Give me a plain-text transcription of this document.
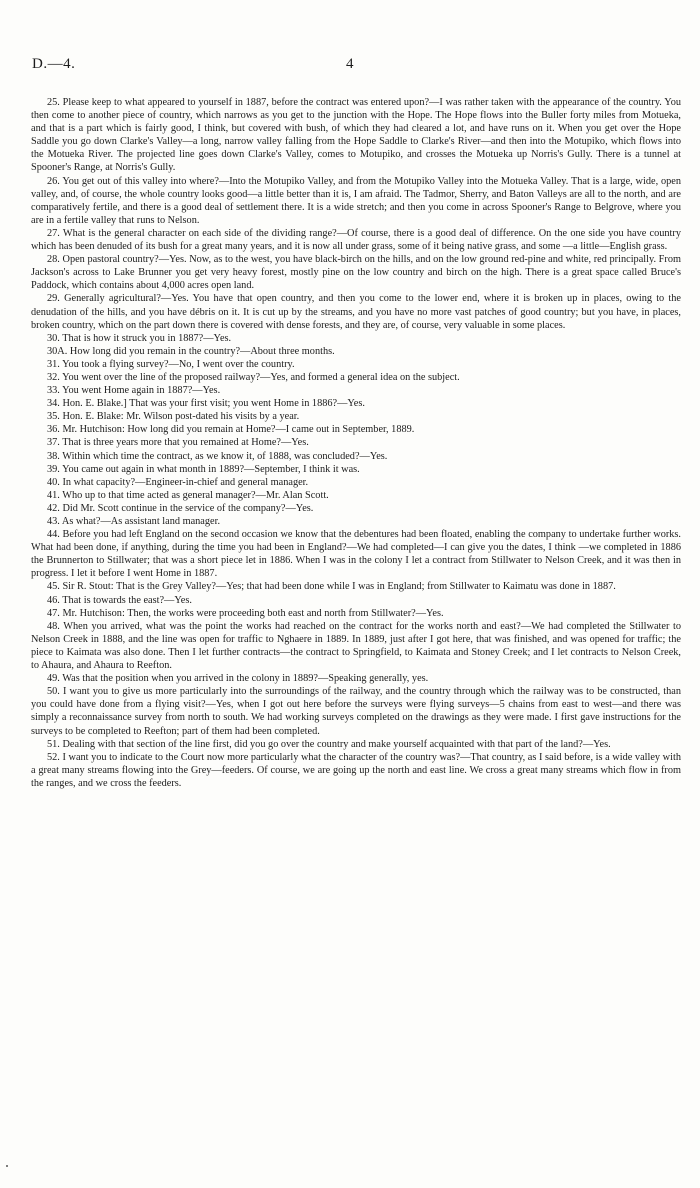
D.—4.	4

25. Please keep to what appeared to yourself in 1887, before the contract was entered upon?—I was rather taken with the appearance of the country. You then come to another piece of country, which narrows as you get to the junction with the Hope. The Hope flows into the Buller forty miles from Motueka, and that is a part which is fairly good, I think, but covered with bush, of which they had cleared a lot, and have runs on it. When you get over the Hope Saddle you go down Clarke's Valley—a long, narrow valley falling from the Hope Saddle to Clarke's River—and then into the Motupiko, which flows into the Motueka River. The projected line goes down Clarke's Valley, comes to Motupiko, and crosses the Motueka up Norris's Gully. There is a tunnel at Spooner's Range, at Norris's Gully.

26. You get out of this valley into where?—Into the Motupiko Valley, and from the Motupiko Valley into the Motueka Valley. That is a large, wide, open valley, and, of course, the whole country looks good—a little better than it is, I am afraid. The Tadmor, Sherry, and Baton Valleys are all to the north, and are comparatively fertile, and there is a good deal of settlement there. It is a wide stretch; and then you come in across Spooner's Range to Belgrove, where you are in a fertile valley that runs to Nelson.

27. What is the general character on each side of the dividing range?—Of course, there is a good deal of difference. On the one side you have country which has been denuded of its bush for a great many years, and it is now all under grass, some of it being native grass, and some —a little—English grass.

28. Open pastoral country?—Yes. Now, as to the west, you have black-birch on the hills, and on the low ground red-pine and white, red principally. From Jackson's across to Lake Brunner you get very heavy forest, mostly pine on the low country and birch on the high. There is a great space called Bruce's Paddock, which contains about 4,000 acres open land.

29. Generally agricultural?—Yes. You have that open country, and then you come to the lower end, where it is broken up in places, owing to the denudation of the hills, and you have débris on it. It is cut up by the streams, and you have no more vast patches of good country; but you have, in places, broken country, which on the part down there is covered with dense forests, and they are, of course, very valuable in some places.

30. That is how it struck you in 1887?—Yes.

30A. How long did you remain in the country?—About three months.

31. You took a flying survey?—No, I went over the country.

32. You went over the line of the proposed railway?—Yes, and formed a general idea on the subject.

33. You went Home again in 1887?—Yes.

34. Hon. E. Blake.] That was your first visit; you went Home in 1886?—Yes.

35. Hon. E. Blake: Mr. Wilson post-dated his visits by a year.

36. Mr. Hutchison: How long did you remain at Home?—I came out in September, 1889.

37. That is three years more that you remained at Home?—Yes.

38. Within which time the contract, as we know it, of 1888, was concluded?—Yes.

39. You came out again in what month in 1889?—September, I think it was.

40. In what capacity?—Engineer-in-chief and general manager.

41. Who up to that time acted as general manager?—Mr. Alan Scott.

42. Did Mr. Scott continue in the service of the company?—Yes.

43. As what?—As assistant land manager.

44. Before you had left England on the second occasion we know that the debentures had been floated, enabling the company to undertake further works. What had been done, if anything, during the time you had been in England?—We had completed—I can give you the dates, I think —we completed in 1886 the Brunnerton to Stillwater; that was a short piece let in 1886. When I was in the colony I let a contract from Stillwater to Nelson Creek, and it was then in progress. I let it before I went Home in 1887.

45. Sir R. Stout: That is the Grey Valley?—Yes; that had been done while I was in England; from Stillwater to Kaimatu was done in 1887.

46. That is towards the east?—Yes.

47. Mr. Hutchison: Then, the works were proceeding both east and north from Stillwater?—Yes.

48. When you arrived, what was the point the works had reached on the contract for the works north and east?—We had completed the Stillwater to Nelson Creek in 1888, and the line was open for traffic to Nghaere in 1889. In 1889, just after I got here, that was finished, and was opened for traffic; the piece to Kaimata was also done. Then I let further contracts—the contract to Springfield, to Kaimata and Stoney Creek; and I let contracts to Nelson Creek, to Ahaura, and Ahaura to Reefton.

49. Was that the position when you arrived in the colony in 1889?—Speaking generally, yes.

50. I want you to give us more particularly into the surroundings of the railway, and the country through which the railway was to be constructed, than you could have done from a flying visit?—Yes, when I got out here before the surveys were flying surveys—5 chains from east to west—and there was simply a reconnaissance survey from north to south. We had working surveys completed on the drawings as they were made. I first gave instructions for the surveys to be completed to Reefton; part of them had been completed.

51. Dealing with that section of the line first, did you go over the country and make yourself acquainted with that part of the land?—Yes.

52. I want you to indicate to the Court now more particularly what the character of the country was?—That country, as I said before, is a wide valley with a great many streams flowing into the Grey—feeders. Of course, we are going up the north and east line. We cross a great many streams which flow in from the ranges, and we cross the feeders.
